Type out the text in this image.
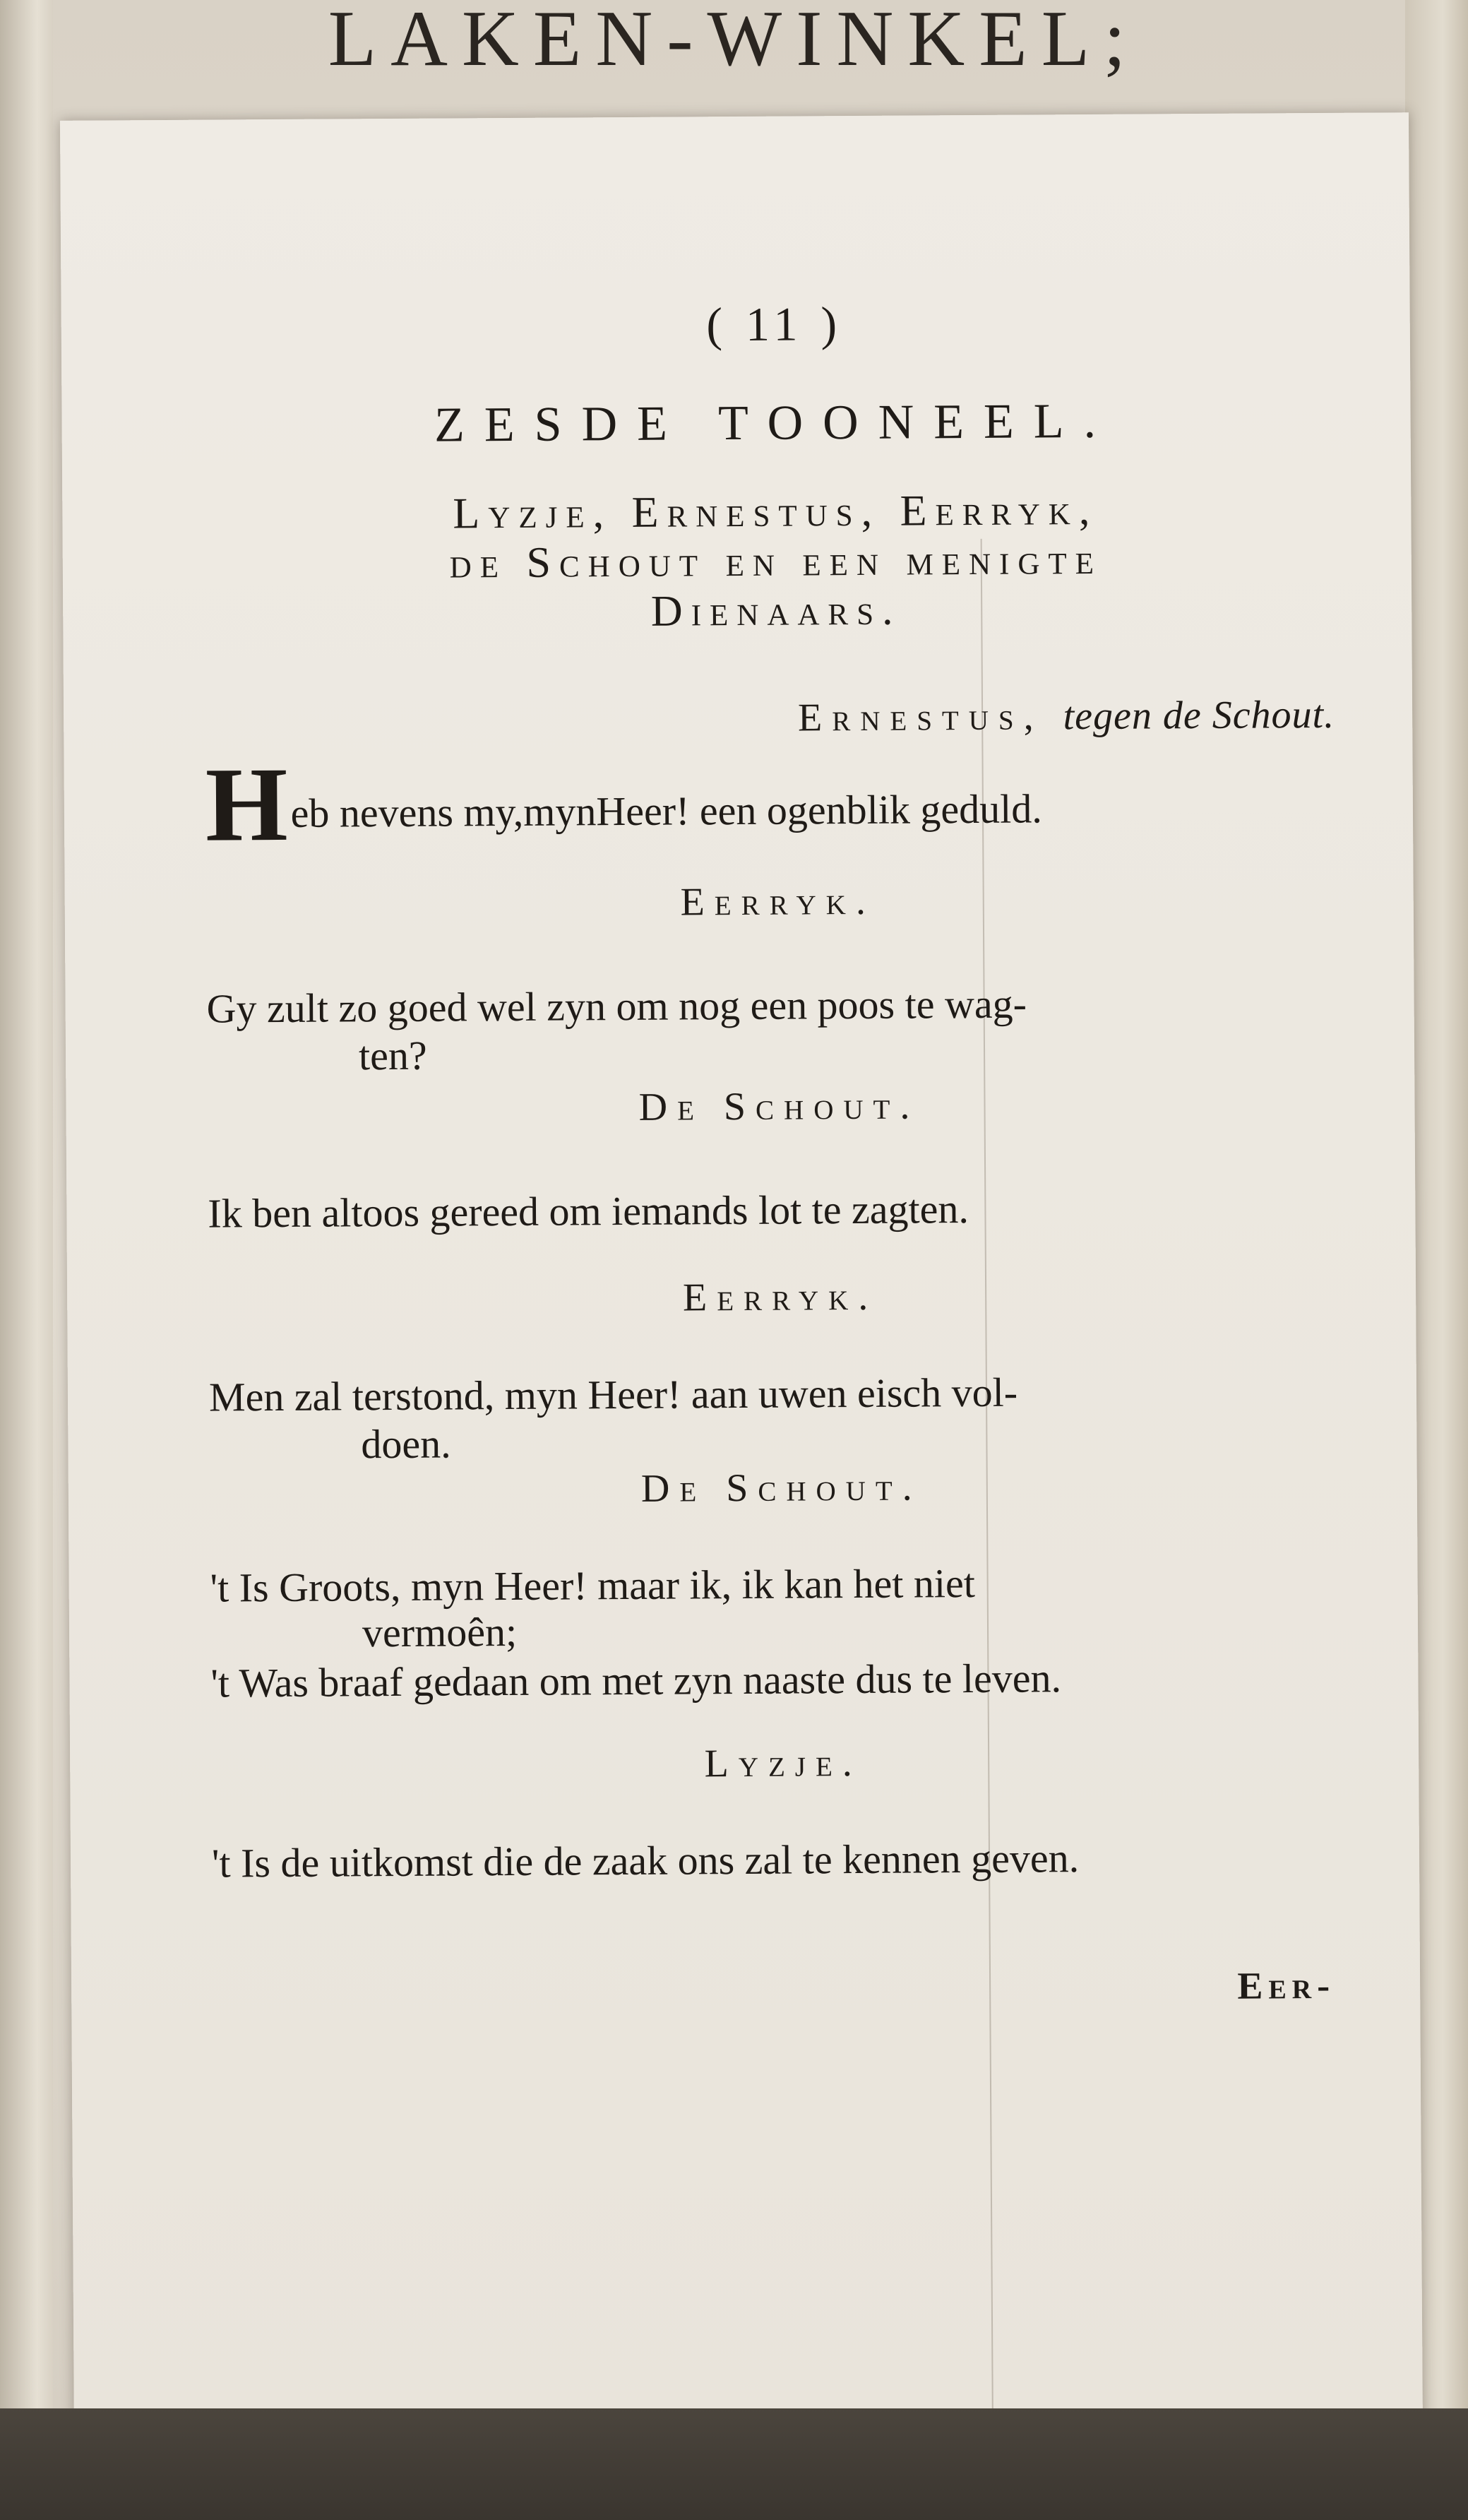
LAKEN-WINKEL;
( 11 )
ZESDE TOONEEL.
Lyzje, Ernestus, Eerryk,
de Schout en een menigte
Dienaars.
Ernestus, tegen de Schout.
Heb nevens my,mynHeer! een ogenblik geduld.
Eerryk.
Gy zult zo goed wel zyn om nog een poos te wag-
ten?
De Schout.
Ik ben altoos gereed om iemands lot te zagten.
Eerryk.
Men zal terstond, myn Heer! aan uwen eisch vol-
doen.
De Schout.
't Is Groots, myn Heer! maar ik, ik kan het niet
vermoên;
't Was braaf gedaan om met zyn naaste dus te leven.
Lyzje.
't Is de uitkomst die de zaak ons zal te kennen geven.
Eer-
